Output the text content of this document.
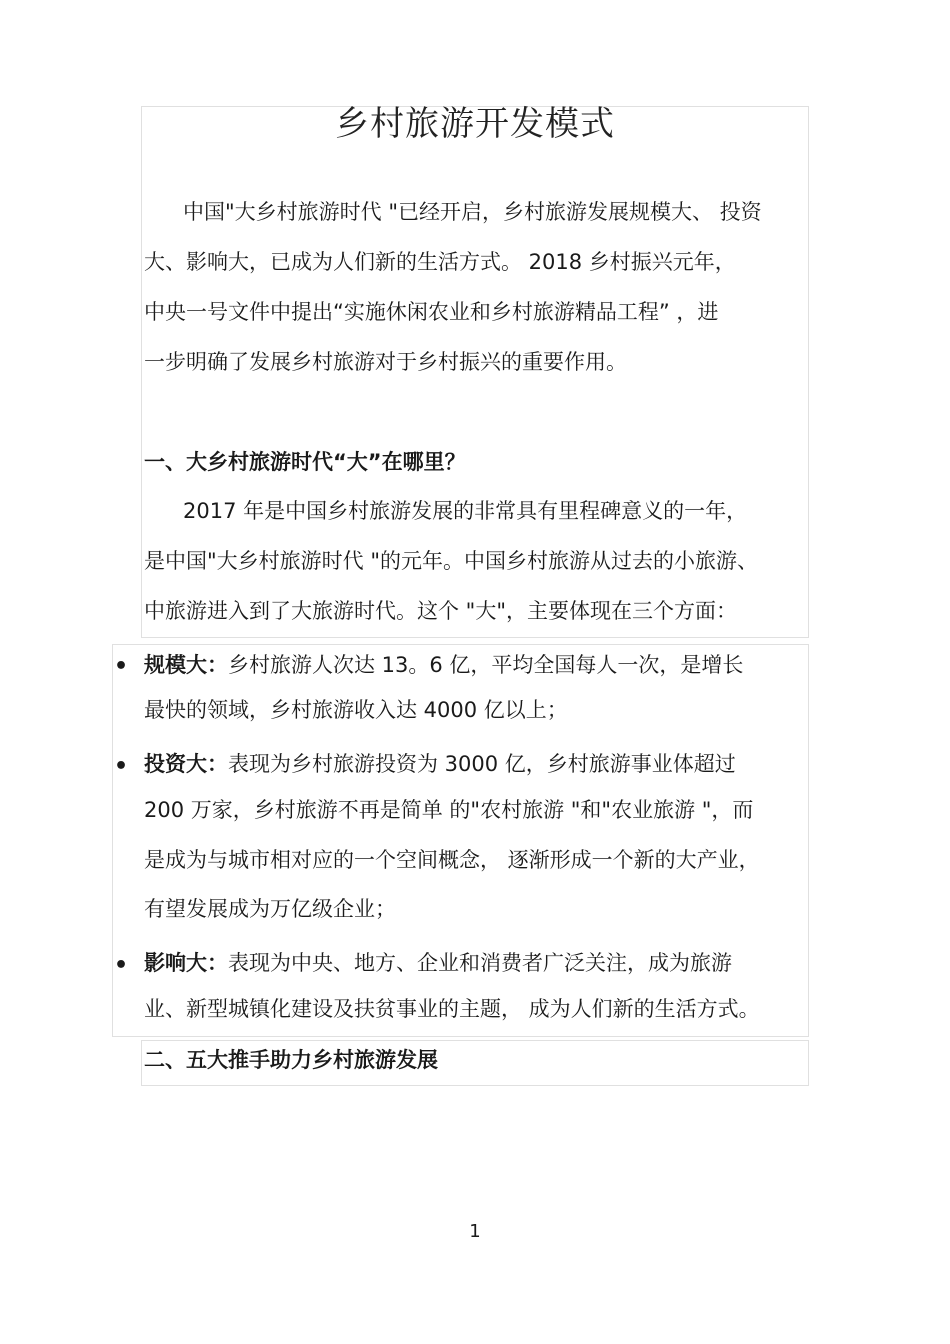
乡村旅游开发模式
中国"大乡村旅游时代 "已经开启，乡村旅游发展规模大、 投资
大、影响大，已成为人们新的生活方式。 2018 乡村振兴元年，
中央一号文件中提出“实施休闲农业和乡村旅游精品工程” ，进
一步明确了发展乡村旅游对于乡村振兴的重要作用。
一、大乡村旅游时代“大”在哪里？
2017 年是中国乡村旅游发展的非常具有里程碑意义的一年，
是中国"大乡村旅游时代 "的元年。中国乡村旅游从过去的小旅游、
中旅游进入到了大旅游时代。这个 "大"，主要体现在三个方面：
• 规模大：乡村旅游人次达 13。6 亿，平均全国每人一次，是增长
最快的领域，乡村旅游收入达 4000 亿以上；
• 投资大：表现为乡村旅游投资为 3000 亿，乡村旅游事业体超过
200 万家，乡村旅游不再是简单 的"农村旅游 "和"农业旅游 "，而
是成为与城市相对应的一个空间概念， 逐渐形成一个新的大产业，
有望发展成为万亿级企业；
• 影响大：表现为中央、地方、企业和消费者广泛关注，成为旅游
业、新型城镇化建设及扶贫事业的主题， 成为人们新的生活方式。
二、五大推手助力乡村旅游发展
1
